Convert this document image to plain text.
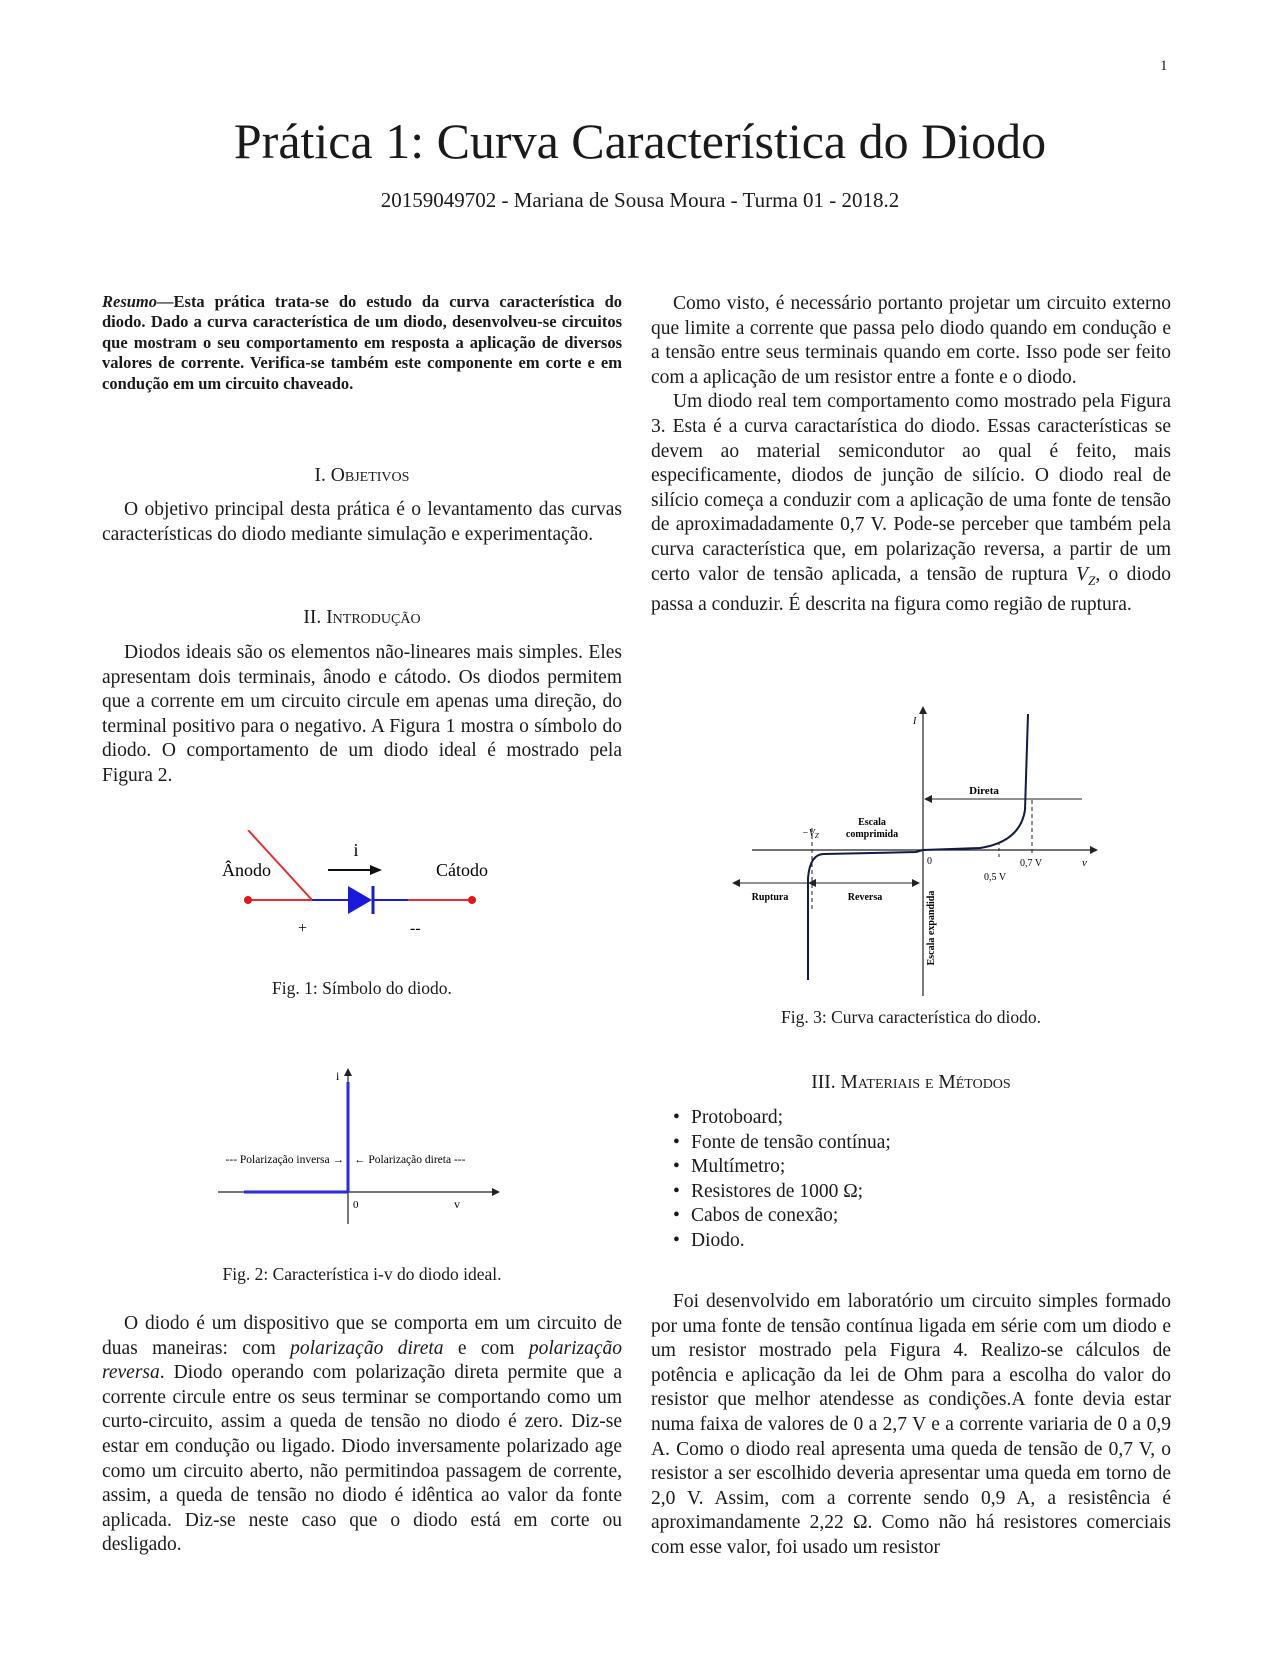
1
Prática 1: Curva Característica do Diodo
20159049702 - Mariana de Sousa Moura - Turma 01 - 2018.2
Resumo—Esta prática trata-se do estudo da curva característica do diodo. Dado a curva característica de um diodo, desenvolveu-se circuitos que mostram o seu comportamento em resposta a aplicação de diversos valores de corrente. Verifica-se também este componente em corte e em condução em um circuito chaveado.
I. Objetivos

O objetivo principal desta prática é o levantamento das curvas características do diodo mediante simulação e experimentação.

II. Introdução

Diodos ideais são os elementos não-lineares mais simples. Eles apresentam dois terminais, ânodo e cátodo. Os diodos permitem que a corrente em um circuito circule em apenas uma direção, do terminal positivo para o negativo. A Figura 1 mostra o símbolo do diodo. O comportamento de um diodo ideal é mostrado pela Figura 2.

i
Ânodo	Cátodo
+	--
Fig. 1: Símbolo do diodo.
i
v
0
--- Polarização inversa → ← Polarização direta ---
Fig. 2: Característica i-v do diodo ideal.

O diodo é um dispositivo que se comporta em um circuito de duas maneiras: com polarização direta e com polarização reversa. Diodo operando com polarização direta permite que a corrente circule entre os seus terminar se comportando como um curto-circuito, assim a queda de tensão no diodo é zero. Diz-se estar em condução ou ligado. Diodo inversamente polarizado age como um circuito aberto, não permitindoa passagem de corrente, assim, a queda de tensão no diodo é idêntica ao valor da fonte aplicada. Diz-se neste caso que o diodo está em corte ou desligado.

Como visto, é necessário portanto projetar um circuito externo que limite a corrente que passa pelo diodo quando em condução e a tensão entre seus terminais quando em corte. Isso pode ser feito com a aplicação de um resistor entre a fonte e o diodo.

Um diodo real tem comportamento como mostrado pela Figura 3. Esta é a curva caractarística do diodo. Essas características se devem ao material semicondutor ao qual é feito, mais especificamente, diodos de junção de silício. O diodo real de silício começa a conduzir com a aplicação de uma fonte de tensão de aproximadadamente 0,7 V. Pode-se perceber que também pela curva característica que, em polarização reversa, a partir de um certo valor de tensão aplicada, a tensão de ruptura $V_Z$, o diodo passa a conduzir. É descrita na figura como região de ruptura.

I
v
0
Direta
Escala
comprimida
$-V_Z$
0,7 V
0,5 V
Ruptura	Reversa	Escala expandida
Fig. 3: Curva característica do diodo.
III. Materiais e Métodos
• Protoboard;
• Fonte de tensão contínua;
• Multímetro;
• Resistores de 1000 Ω;
• Cabos de conexão;
• Diodo.

Foi desenvolvido em laboratório um circuito simples formado por uma fonte de tensão contínua ligada em série com um diodo e um resistor mostrado pela Figura 4. Realizo-se cálculos de potência e aplicação da lei de Ohm para a escolha do valor do resistor que melhor atendesse as condições.A fonte devia estar numa faixa de valores de 0 a 2,7 V e a corrente variaria de 0 a 0,9 A. Como o diodo real apresenta uma queda de tensão de 0,7 V, o resistor a ser escolhido deveria apresentar uma queda em torno de 2,0 V. Assim, com a corrente sendo 0,9 A, a resistência é aproximandamente 2,22 Ω. Como não há resistores comerciais com esse valor, foi usado um resistor
